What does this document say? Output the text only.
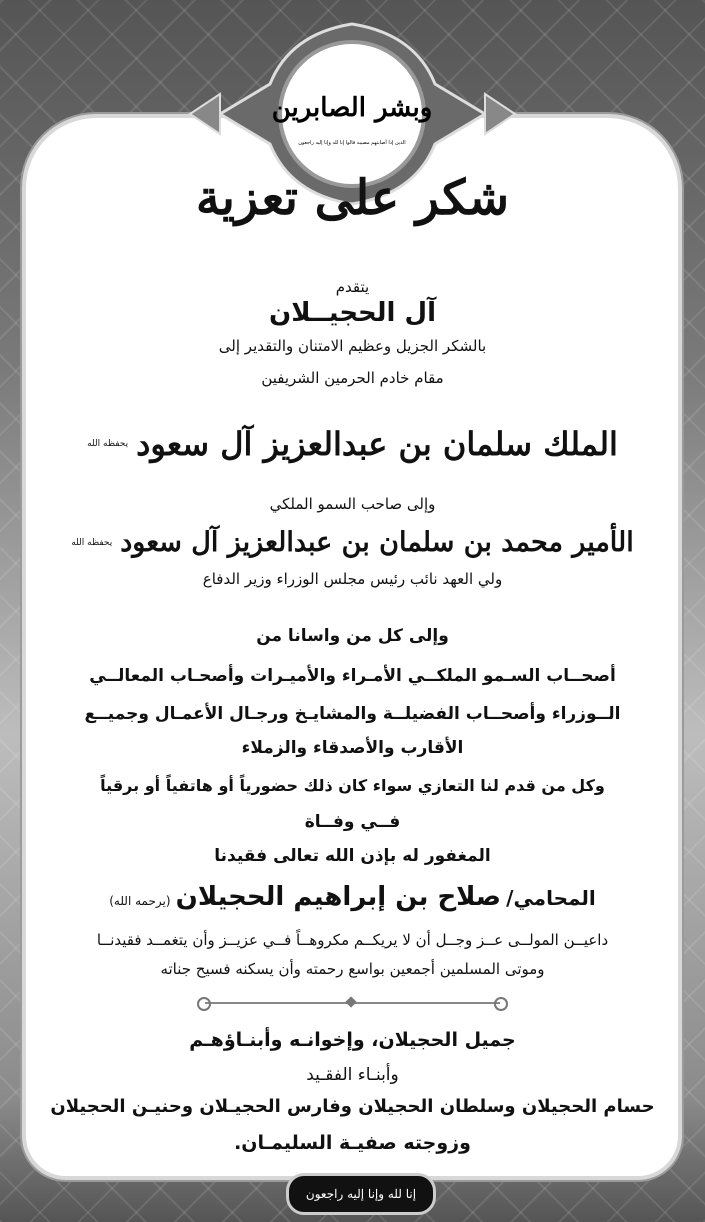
وبشر الصابرين
الذين إذا أصابتهم مصيبة قالوا إنا لله وإنا إليه راجعون
شكر على تعزية
يتقدم
آل الحجيــلان
بالشكر الجزيل وعظيم الامتنان والتقدير إلى
مقام خادم الحرمين الشريفين
الملك سلمان بن عبدالعزيز آل سعود
يحفظه الله
وإلى صاحب السمو الملكي
الأمير محمد بن سلمان بن عبدالعزيز آل سعود
يحفظه الله
ولي العهد نائب رئيس مجلس الوزراء وزير الدفاع
وإلى كل من واسانا من
أصحــاب السـمو الملكــي الأمـراء والأميـرات وأصحـاب المعالــي
الــوزراء وأصحــاب الفضيلــة والمشايـخ ورجـال الأعمـال وجميــع
الأقارب والأصدقاء والزملاء
وكل من قدم لنا التعازي سواء كان ذلك حضورياً أو هاتفياً أو برقياً
فــي وفــاة
المغفور له بإذن الله تعالى فقيدنا
المحامي/ صلاح بن إبراهيم الحجيلان (يرحمه الله)
داعيــن المولــى عــز وجــل أن لا يريكــم مكروهــاً فــي عزيــز وأن يتغمــد فقيدنــا
وموتى المسلمين أجمعين بواسع رحمته وأن يسكنه فسيح جناته
جميل الحجيلان، وإخوانـه وأبنـاؤهـم
وأبنـاء الفقـيد
حسام الحجيلان وسلطان الحجيلان وفارس الحجيـلان وحنيـن الحجيلان
وزوجته صفيـة السليمـان.
إنا لله وإنا إليه راجعون
